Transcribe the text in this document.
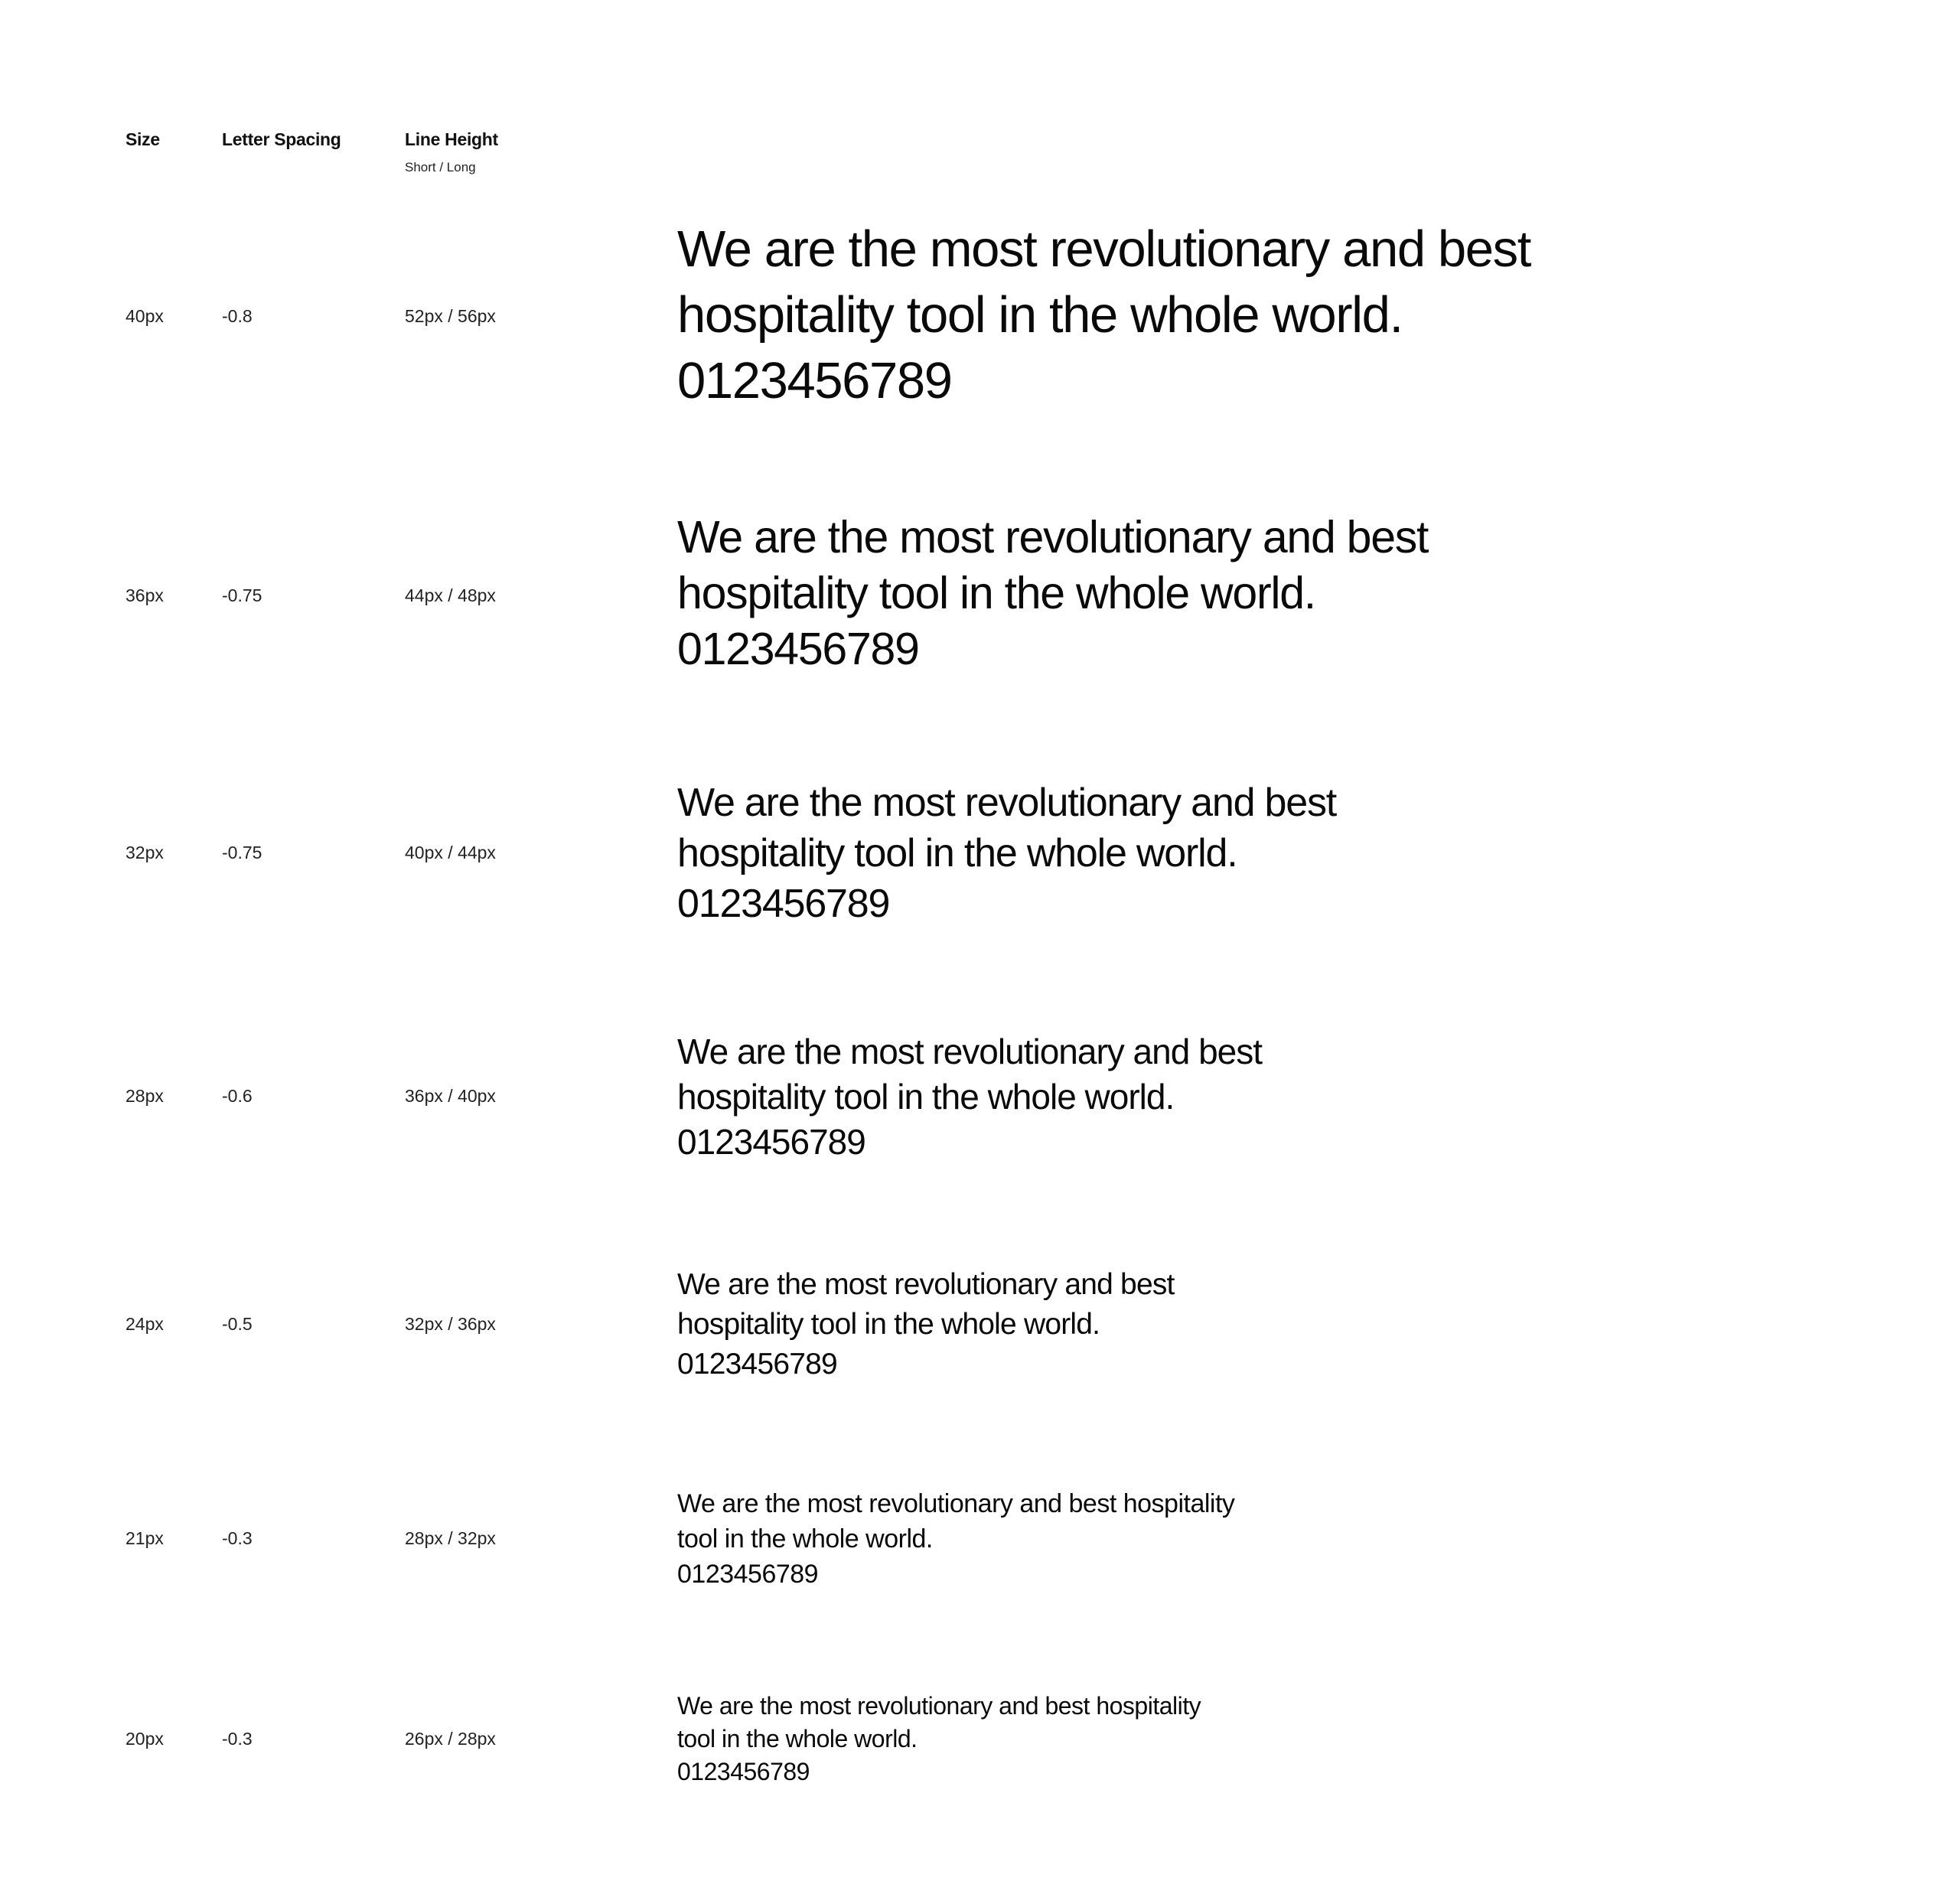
Size	Letter Spacing	Line Height
Short / Long
40px	-0.8	52px / 56px
We are the most revolutionary and best
hospitality tool in the whole world.
0123456789
36px	-0.75	44px / 48px
We are the most revolutionary and best
hospitality tool in the whole world.
0123456789
32px	-0.75	40px / 44px
We are the most revolutionary and best
hospitality tool in the whole world.
0123456789
28px	-0.6	36px / 40px
We are the most revolutionary and best
hospitality tool in the whole world.
0123456789
24px	-0.5	32px / 36px
We are the most revolutionary and best
hospitality tool in the whole world.
0123456789
21px	-0.3	28px / 32px
We are the most revolutionary and best hospitality
tool in the whole world.
0123456789
20px	-0.3	26px / 28px
We are the most revolutionary and best hospitality
tool in the whole world.
0123456789
